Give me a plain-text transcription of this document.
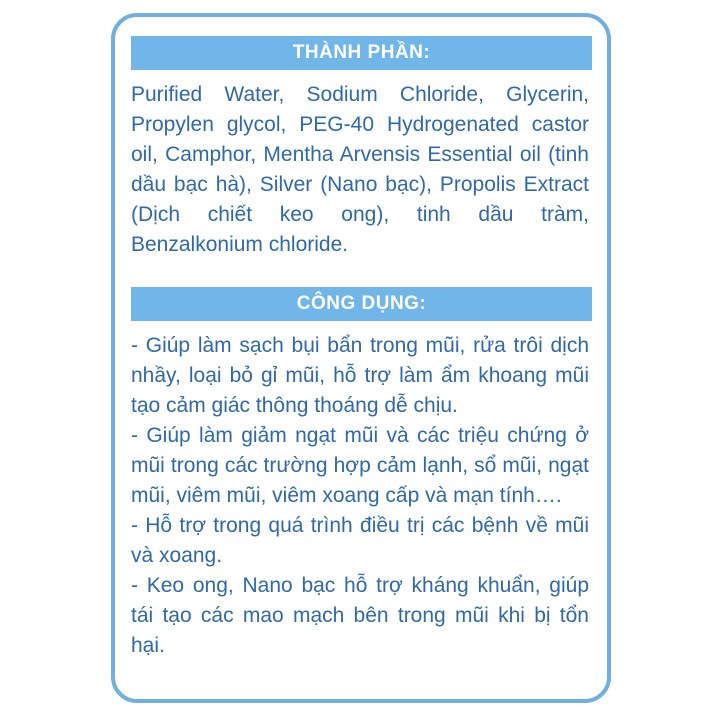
THÀNH PHẦN:
Purified Water, Sodium Chloride, Glycerin, Propylen glycol, PEG-40 Hydrogenated castor oil, Camphor, Mentha Arvensis Essential oil (tinh dầu bạc hà), Silver (Nano bạc), Propolis Extract (Dịch chiết keo ong), tinh dầu tràm, Benzalkonium chloride.
CÔNG DỤNG:
- Giúp làm sạch bụi bẩn trong mũi, rửa trôi dịch nhầy, loại bỏ gỉ mũi, hỗ trợ làm ẩm khoang mũi tạo cảm giác thông thoáng dễ chịu.
- Giúp làm giảm ngạt mũi và các triệu chứng ở mũi trong các trường hợp cảm lạnh, sổ mũi, ngạt mũi, viêm mũi, viêm xoang cấp và mạn tính….
- Hỗ trợ trong quá trình điều trị các bệnh về mũi và xoang.
- Keo ong, Nano bạc hỗ trợ kháng khuẩn, giúp tái tạo các mao mạch bên trong mũi khi bị tổn hại.
